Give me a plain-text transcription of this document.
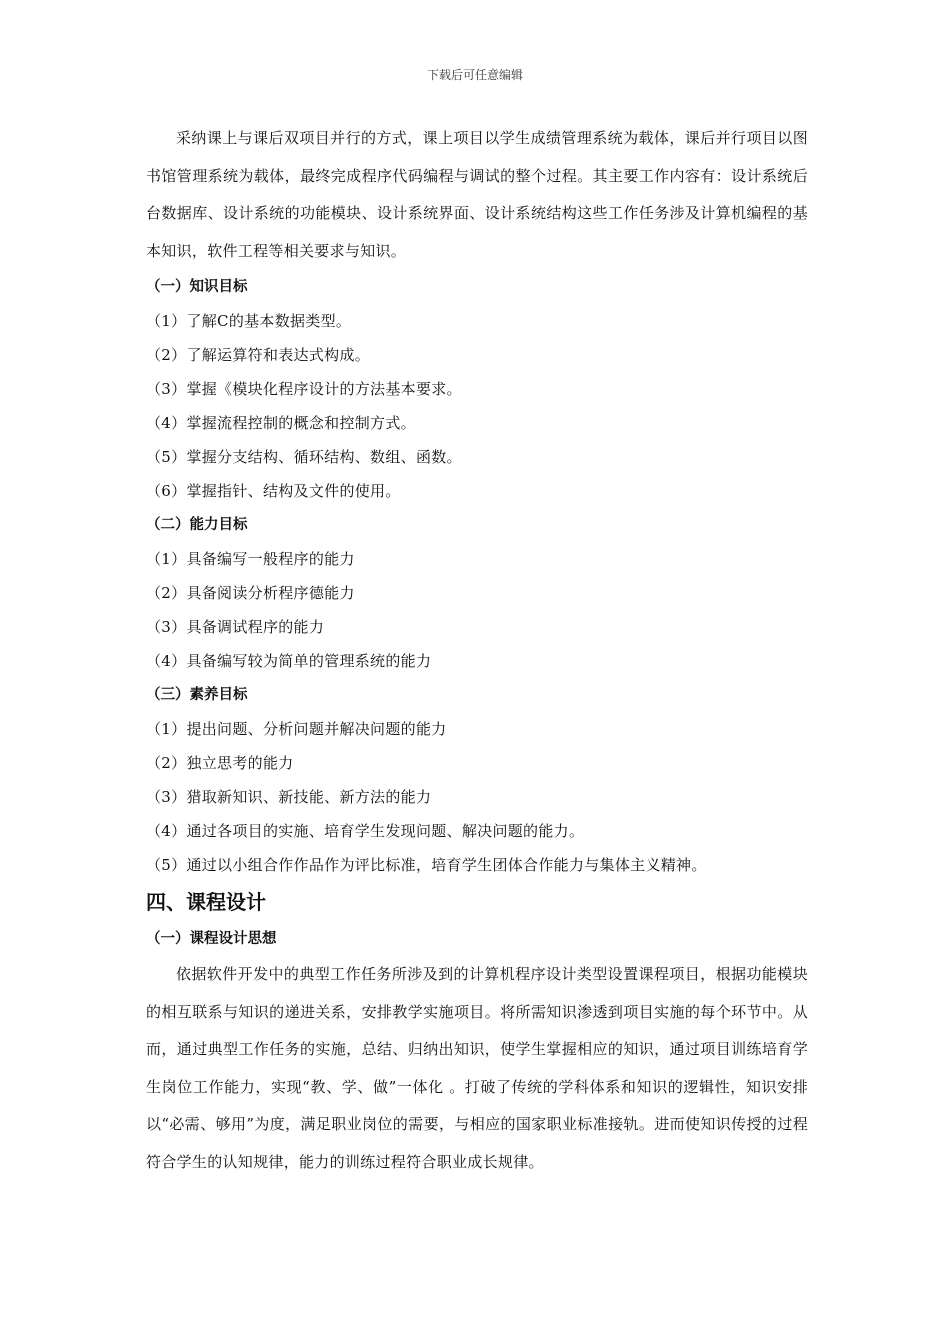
下载后可任意编辑

采纳课上与课后双项目并行的方式，课上项目以学生成绩管理系统为载体，课后并行项目以图书馆管理系统为载体，最终完成程序代码编程与调试的整个过程。其主要工作内容有：设计系统后台数据库、设计系统的功能模块、设计系统界面、设计系统结构这些工作任务涉及计算机编程的基本知识，软件工程等相关要求与知识。

（一）知识目标

（1）了解C的基本数据类型。

（2）了解运算符和表达式构成。

（3）掌握《模块化程序设计的方法基本要求。

（4）掌握流程控制的概念和控制方式。

（5）掌握分支结构、循环结构、数组、函数。

（6）掌握指针、结构及文件的使用。

（二）能力目标

（1）具备编写一般程序的能力

（2）具备阅读分析程序德能力

（3）具备调试程序的能力

（4）具备编写较为简单的管理系统的能力

（三）素养目标

（1）提出问题、分析问题并解决问题的能力

（2）独立思考的能力

（3）猎取新知识、新技能、新方法的能力

（4）通过各项目的实施、培育学生发现问题、解决问题的能力。

（5）通过以小组合作作品作为评比标准，培育学生团体合作能力与集体主义精神。

四、课程设计

（一）课程设计思想

依据软件开发中的典型工作任务所涉及到的计算机程序设计类型设置课程项目，根据功能模块的相互联系与知识的递进关系，安排教学实施项目。将所需知识渗透到项目实施的每个环节中。从而，通过典型工作任务的实施，总结、归纳出知识，使学生掌握相应的知识，通过项目训练培育学生岗位工作能力，实现“教、学、做”一体化 。打破了传统的学科体系和知识的逻辑性，知识安排以“必需、够用”为度，满足职业岗位的需要，与相应的国家职业标准接轨。进而使知识传授的过程符合学生的认知规律，能力的训练过程符合职业成长规律。
